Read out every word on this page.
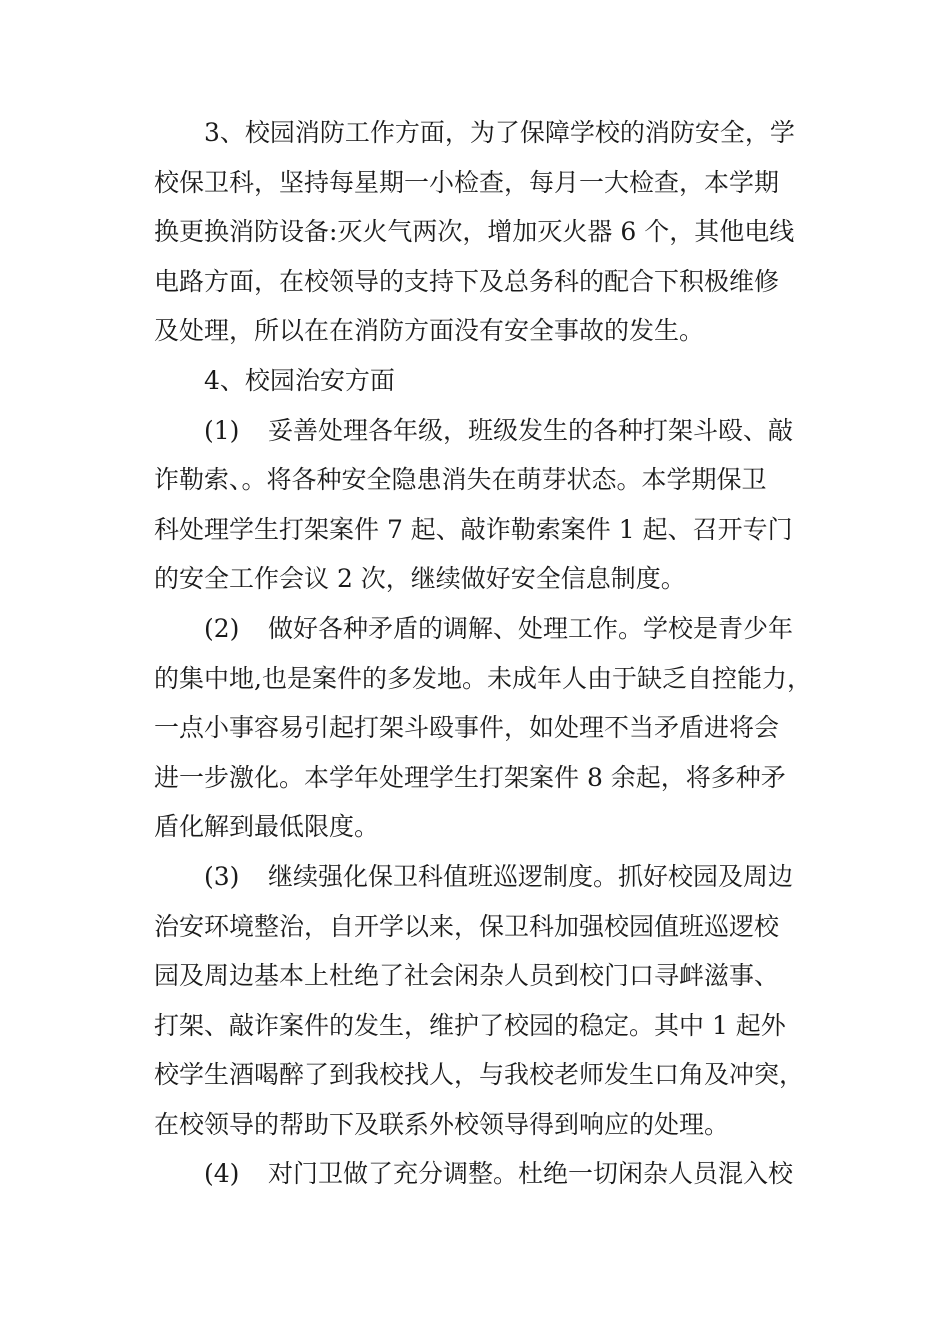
3、校园消防工作方面，为了保障学校的消防安全，学
校保卫科，坚持每星期一小检查，每月一大检查，本学期
换更换消防设备:灭火气两次，增加灭火器 6 个，其他电线
电路方面，在校领导的支持下及总务科的配合下积极维修
及处理，所以在在消防方面没有安全事故的发生。
4、校园治安方面
(1) 妥善处理各年级，班级发生的各种打架斗殴、敲
诈勒索、。将各种安全隐患消失在萌芽状态。本学期保卫
科处理学生打架案件 7 起、敲诈勒索案件 1 起、召开专门
的安全工作会议 2 次，继续做好安全信息制度。
(2) 做好各种矛盾的调解、处理工作。学校是青少年
的集中地,也是案件的多发地。未成年人由于缺乏自控能力，
一点小事容易引起打架斗殴事件，如处理不当矛盾进将会
进一步激化。本学年处理学生打架案件 8 余起，将多种矛
盾化解到最低限度。
(3) 继续强化保卫科值班巡逻制度。抓好校园及周边
治安环境整治，自开学以来，保卫科加强校园值班巡逻校
园及周边基本上杜绝了社会闲杂人员到校门口寻衅滋事、
打架、敲诈案件的发生，维护了校园的稳定。其中 1 起外
校学生酒喝醉了到我校找人，与我校老师发生口角及冲突，
在校领导的帮助下及联系外校领导得到响应的处理。
(4) 对门卫做了充分调整。杜绝一切闲杂人员混入校
